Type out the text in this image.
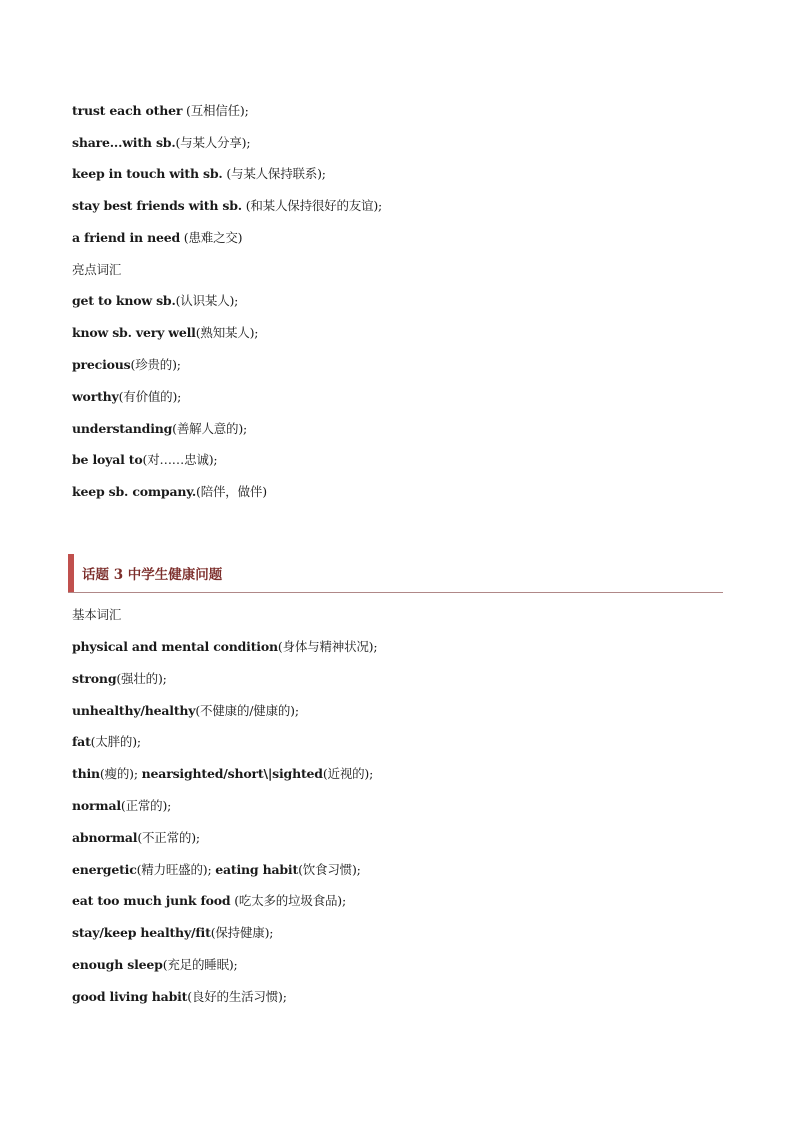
trust each other (互相信任);
share...with sb.(与某人分享);
keep in touch with sb. (与某人保持联系);
stay best friends with sb. (和某人保持很好的友谊);
a friend in need (患难之交)
亮点词汇
get to know sb.(认识某人);
know sb. very well(熟知某人);
precious(珍贵的);
worthy(有价值的);
understanding(善解人意的);
be loyal to(对……忠诚);
keep sb. company.(陪伴，做伴)
话题 3 中学生健康问题
基本词汇
physical and mental condition(身体与精神状况);
strong(强壮的);
unhealthy/healthy(不健康的/健康的);
fat(太胖的);
thin(瘦的); nearsighted/short\|sighted(近视的);
normal(正常的);
abnormal(不正常的);
energetic(精力旺盛的); eating habit(饮食习惯);
eat too much junk food (吃太多的垃圾食品);
stay/keep healthy/fit(保持健康);
enough sleep(充足的睡眠);
good living habit(良好的生活习惯);
